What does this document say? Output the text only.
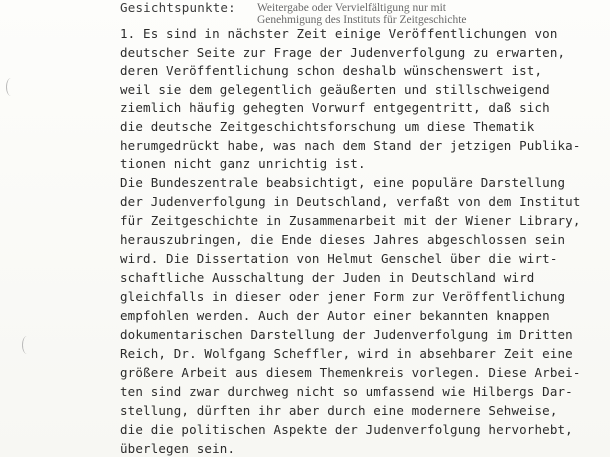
Gesichtspunkte: Weitergabe oder Vervielfältigung nur mit
Genehmigung des Instituts für Zeitgeschichte
1. Es sind in nächster Zeit einige Veröffentlichungen von
deutscher Seite zur Frage der Judenverfolgung zu erwarten,
deren Veröffentlichung schon deshalb wünschenswert ist,
weil sie dem gelegentlich geäußerten und stillschweigend
ziemlich häufig gehegten Vorwurf entgegentritt, daß sich
die deutsche Zeitgeschichtsforschung um diese Thematik
herumgedrückt habe, was nach dem Stand der jetzigen Publika-
tionen nicht ganz unrichtig ist.
Die Bundeszentrale beabsichtigt, eine populäre Darstellung
der Judenverfolgung in Deutschland, verfaßt von dem Institut
für Zeitgeschichte in Zusammenarbeit mit der Wiener Library,
herauszubringen, die Ende dieses Jahres abgeschlossen sein
wird. Die Dissertation von Helmut Genschel über die wirt-
schaftliche Ausschaltung der Juden in Deutschland wird
gleichfalls in dieser oder jener Form zur Veröffentlichung
empfohlen werden. Auch der Autor einer bekannten knappen
dokumentarischen Darstellung der Judenverfolgung im Dritten
Reich, Dr. Wolfgang Scheffler, wird in absehbarer Zeit eine
größere Arbeit aus diesem Themenkreis vorlegen. Diese Arbei-
ten sind zwar durchweg nicht so umfassend wie Hilbergs Dar-
stellung, dürften ihr aber durch eine modernere Sehweise,
die die politischen Aspekte der Judenverfolgung hervorhebt,
überlegen sein.
